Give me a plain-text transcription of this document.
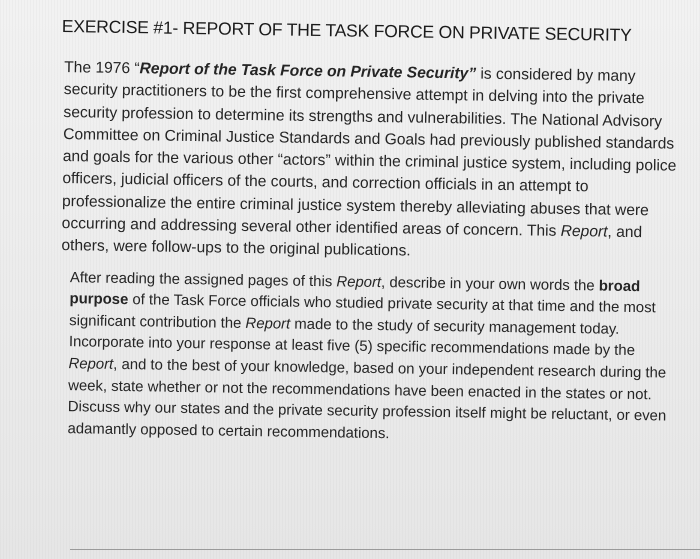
EXERCISE #1- REPORT OF THE TASK FORCE ON PRIVATE SECURITY

The 1976 “Report of the Task Force on Private Security” is considered by many security practitioners to be the first comprehensive attempt in delving into the private security profession to determine its strengths and vulnerabilities. The National Advisory Committee on Criminal Justice Standards and Goals had previously published standards and goals for the various other “actors” within the criminal justice system, including police officers, judicial officers of the courts, and correction officials in an attempt to professionalize the entire criminal justice system thereby alleviating abuses that were occurring and addressing several other identified areas of concern. This Report, and others, were follow-ups to the original publications.

After reading the assigned pages of this Report, describe in your own words the broad purpose of the Task Force officials who studied private security at that time and the most significant contribution the Report made to the study of security management today. Incorporate into your response at least five (5) specific recommendations made by the Report, and to the best of your knowledge, based on your independent research during the week, state whether or not the recommendations have been enacted in the states or not. Discuss why our states and the private security profession itself might be reluctant, or even adamantly opposed to certain recommendations.
